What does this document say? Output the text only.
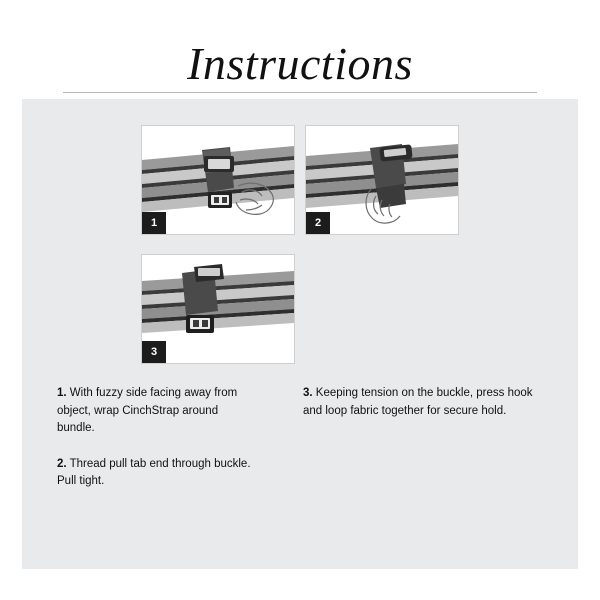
Instructions
1	2
3
1. With fuzzy side facing away from object, wrap CinchStrap around bundle.
2. Thread pull tab end through buckle. Pull tight.
3. Keeping tension on the buckle, press hook and loop fabric together for secure hold.
